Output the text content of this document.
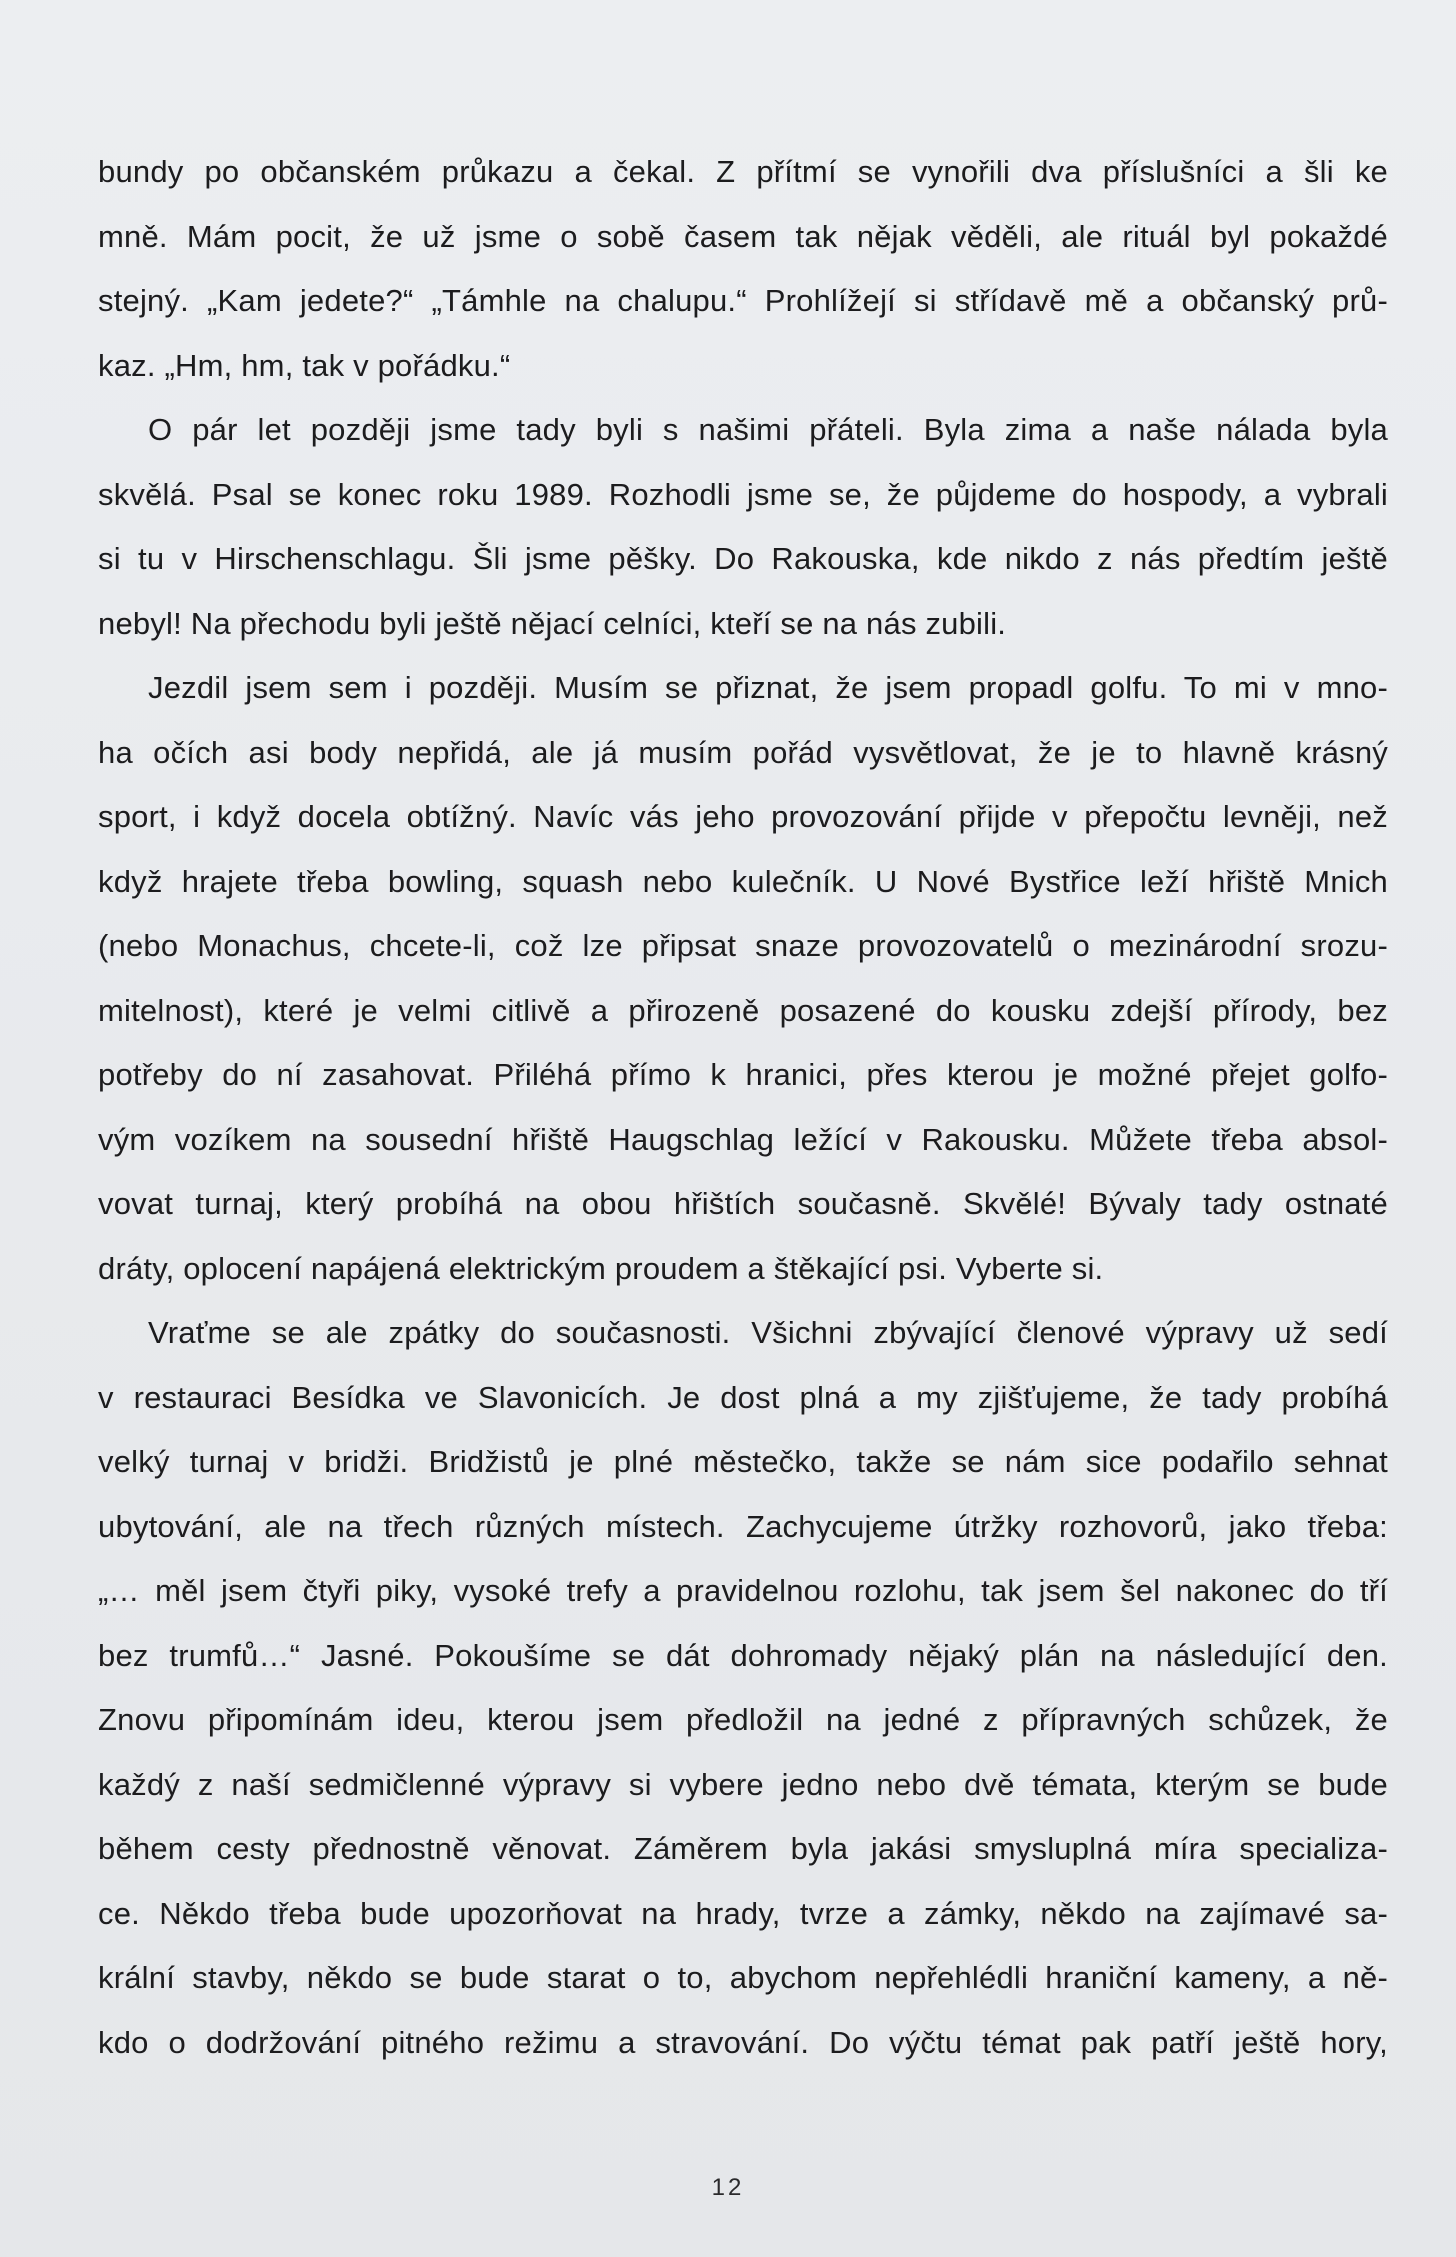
bundy po občanském průkazu a čekal. Z přítmí se vynořili dva příslušníci a šli ke
mně. Mám pocit, že už jsme o sobě časem tak nějak věděli, ale rituál byl pokaždé
stejný. „Kam jedete?“ „Támhle na chalupu.“ Prohlížejí si střídavě mě a občanský prů-
kaz. „Hm, hm, tak v pořádku.“
O pár let později jsme tady byli s našimi přáteli. Byla zima a naše nálada byla
skvělá. Psal se konec roku 1989. Rozhodli jsme se, že půjdeme do hospody, a vybrali
si tu v Hirschenschlagu. Šli jsme pěšky. Do Rakouska, kde nikdo z nás předtím ještě
nebyl! Na přechodu byli ještě nějací celníci, kteří se na nás zubili.
Jezdil jsem sem i později. Musím se přiznat, že jsem propadl golfu. To mi v mno-
ha očích asi body nepřidá, ale já musím pořád vysvětlovat, že je to hlavně krásný
sport, i když docela obtížný. Navíc vás jeho provozování přijde v přepočtu levněji, než
když hrajete třeba bowling, squash nebo kulečník. U Nové Bystřice leží hřiště Mnich
(nebo Monachus, chcete-li, což lze připsat snaze provozovatelů o mezinárodní srozu-
mitelnost), které je velmi citlivě a přirozeně posazené do kousku zdejší přírody, bez
potřeby do ní zasahovat. Přiléhá přímo k hranici, přes kterou je možné přejet golfo-
vým vozíkem na sousední hřiště Haugschlag ležící v Rakousku. Můžete třeba absol-
vovat turnaj, který probíhá na obou hřištích současně. Skvělé! Bývaly tady ostnaté
dráty, oplocení napájená elektrickým proudem a štěkající psi. Vyberte si.
Vraťme se ale zpátky do současnosti. Všichni zbývající členové výpravy už sedí
v restauraci Besídka ve Slavonicích. Je dost plná a my zjišťujeme, že tady probíhá
velký turnaj v bridži. Bridžistů je plné městečko, takže se nám sice podařilo sehnat
ubytování, ale na třech různých místech. Zachycujeme útržky rozhovorů, jako třeba:
„… měl jsem čtyři piky, vysoké trefy a pravidelnou rozlohu, tak jsem šel nakonec do tří
bez trumfů…“ Jasné. Pokoušíme se dát dohromady nějaký plán na následující den.
Znovu připomínám ideu, kterou jsem předložil na jedné z přípravných schůzek, že
každý z naší sedmičlenné výpravy si vybere jedno nebo dvě témata, kterým se bude
během cesty přednostně věnovat. Záměrem byla jakási smysluplná míra specializa-
ce. Někdo třeba bude upozorňovat na hrady, tvrze a zámky, někdo na zajímavé sa-
krální stavby, někdo se bude starat o to, abychom nepřehlédli hraniční kameny, a ně-
kdo o dodržování pitného režimu a stravování. Do výčtu témat pak patří ještě hory,
12
